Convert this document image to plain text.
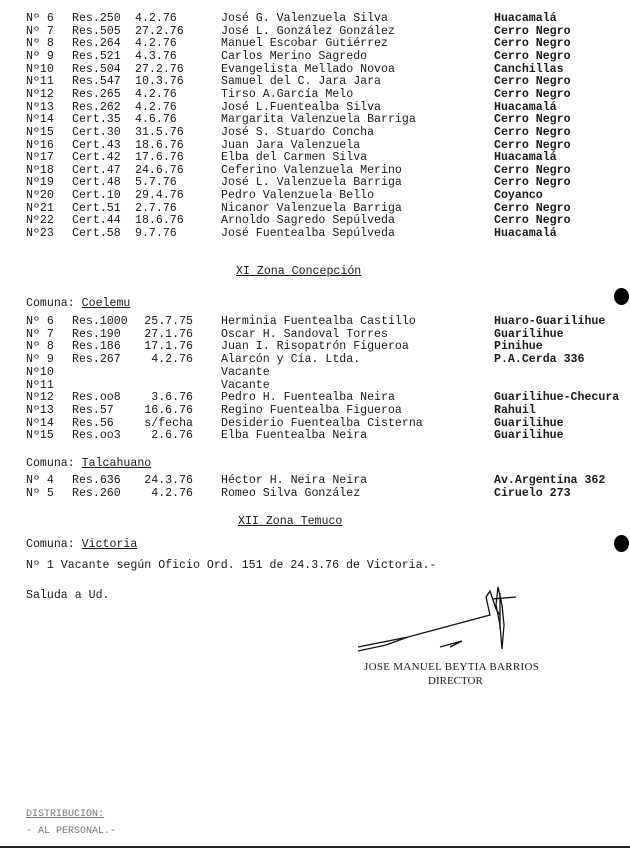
Nº 6 Res.250 4.2.76	José G. Valenzuela Silva	Huacamalá
Nº 7 Res.505 27.2.76	José L. González González	Cerro Negro
Nº 8 Res.264 4.2.76	Manuel Escobar Gutiérrez	Cerro Negro
Nº 9 Res.521 4.3.76	Carlos Merino Sagredo	Cerro Negro
Nº10 Res.504 27.2.76	Evangelista Mellado Novoa	Canchillas
Nº11 Res.547 10.3.76	Samuel del C. Jara Jara	Cerro Negro
Nº12 Res.265 4.2.76	Tirso A.García Melo	Cerro Negro
Nº13 Res.262 4.2.76	José L.Fuentealba Silva	Huacamalá
Nº14 Cert.35 4.6.76	Margarita Valenzuela Barriga	Cerro Negro
Nº15 Cert.30 31.5.76	José S. Stuardo Concha	Cerro Negro
Nº16 Cert.43 18.6.76	Juan Jara Valenzuela	Cerro Negro
Nº17 Cert.42 17.6.76	Elba del Carmen Silva	Huacamalá
Nº18 Cert.47 24.6.76	Ceferino Valenzuela Merino	Cerro Negro
Nº19 Cert.48 5.7.76	José L. Valenzuela Barriga	Cerro Negro
Nº20 Cert.10 29.4.76	Pedro Valenzuela Bello	Coyanco
Nº21 Cert.51 2.7.76	Nicanor Valenzuela Barriga	Cerro Negro
Nº22 Cert.44 18.6.76	Arnoldo Sagredo Sepúlveda	Cerro Negro
Nº23 Cert.58 9.7.76	José Fuentealba Sepúlveda	Huacamalá
XI Zona Concepción
Comuna: Coelemu
Nº 6 Res.1000	25.7.75 Herminia Fuentealba Castillo	Huaro-Guarilihue
Nº 7 Res.190	27.1.76 Oscar H. Sandoval Torres	Guarilihue
Nº 8 Res.186	17.1.76 Juan I. Risopatrón Figueroa	Pinihue
Nº 9 Res.267	4.2.76 Alarcón y Cía. Ltda.	P.A.Cerda 336
Nº10	Vacante
Nº11	Vacante
Nº12 Res.oo8	3.6.76 Pedro H. Fuentealba Neira	Guarilihue-Checura
Nº13 Res.57	16.6.76 Regino Fuentealba Figueroa	Rahuil
Nº14 Res.56	s/fecha Desiderio Fuentealba Cisterna	Guarilihue
Nº15 Res.oo3	2.6.76 Elba Fuentealba Neira	Guarilihue
Comuna: Talcahuano
Nº 4 Res.636	24.3.76 Héctor H. Neira Neira	Av.Argentina 362
Nº 5 Res.260	4.2.76 Romeo Silva González	Ciruelo 273
XII Zona Temuco
Comuna: Victoria
Nº 1 Vacante según Oficio Ord. 151 de 24.3.76 de Victoria.-
Saluda a Ud.
JOSE MANUEL BEYTIA BARRIOS
DIRECTOR
DISTRIBUCION:
- AL PERSONAL.-
